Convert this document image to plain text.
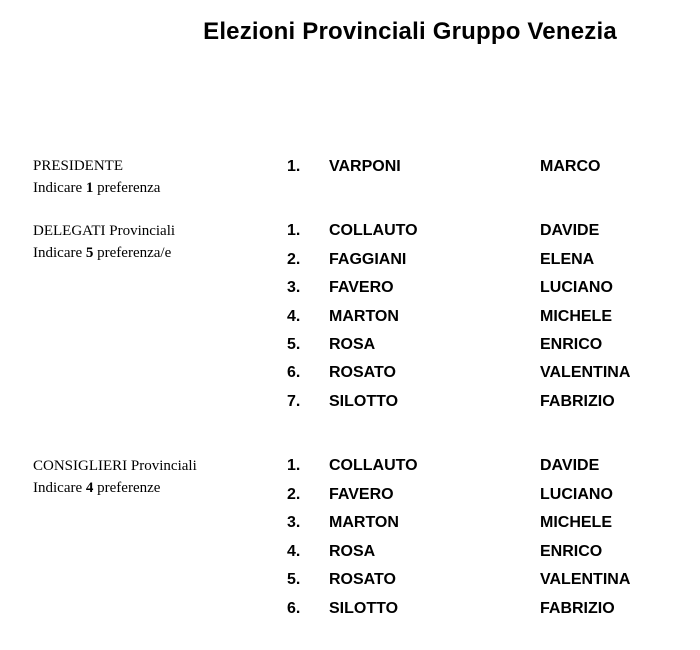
Elezioni Provinciali Gruppo Venezia
PRESIDENTE
Indicare 1 preferenza
1. VARPONI	MARCO
DELEGATI Provinciali
Indicare 5 preferenza/e
1. COLLAUTO	DAVIDE
2. FAGGIANI	ELENA
3. FAVERO	LUCIANO
4. MARTON	MICHELE
5. ROSA	ENRICO
6. ROSATO	VALENTINA
7. SILOTTO	FABRIZIO
CONSIGLIERI Provinciali
Indicare 4 preferenze
1. COLLAUTO	DAVIDE
2. FAVERO	LUCIANO
3. MARTON	MICHELE
4. ROSA	ENRICO
5. ROSATO	VALENTINA
6. SILOTTO	FABRIZIO
